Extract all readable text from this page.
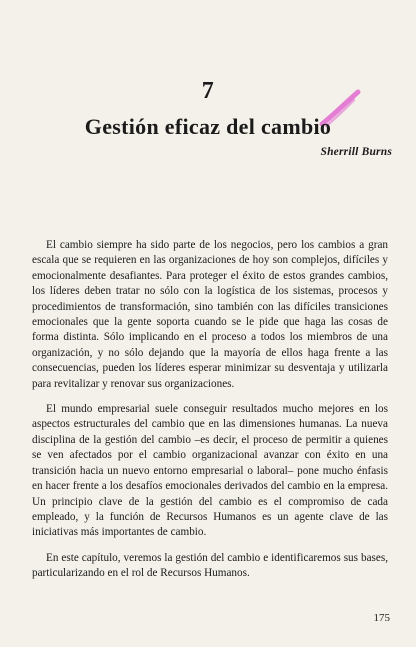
7
Gestión eficaz del cambio
Sherrill Burns

El cambio siempre ha sido parte de los negocios, pero los cambios a gran escala que se requieren en las organizaciones de hoy son complejos, difíciles y emocionalmente desafiantes. Para proteger el éxito de estos grandes cambios, los líderes deben tratar no sólo con la logística de los sistemas, procesos y procedimientos de transformación, sino también con las difíciles transiciones emocionales que la gente soporta cuando se le pide que haga las cosas de forma distinta. Sólo implicando en el proceso a todos los miembros de una organización, y no sólo dejando que la mayoría de ellos haga frente a las consecuencias, pueden los líderes esperar minimizar su desventaja y utilizarla para revitalizar y renovar sus organizaciones.

El mundo empresarial suele conseguir resultados mucho mejores en los aspectos estructurales del cambio que en las dimensiones humanas. La nueva disciplina de la gestión del cambio –es decir, el proceso de permitir a quienes se ven afectados por el cambio organizacional avanzar con éxito en una transición hacia un nuevo entorno empresarial o laboral– pone mucho énfasis en hacer frente a los desafíos emocionales derivados del cambio en la empresa. Un principio clave de la gestión del cambio es el compromiso de cada empleado, y la función de Recursos Humanos es un agente clave de las iniciativas más importantes de cambio.

En este capítulo, veremos la gestión del cambio e identificaremos sus bases, particularizando en el rol de Recursos Humanos.

175
